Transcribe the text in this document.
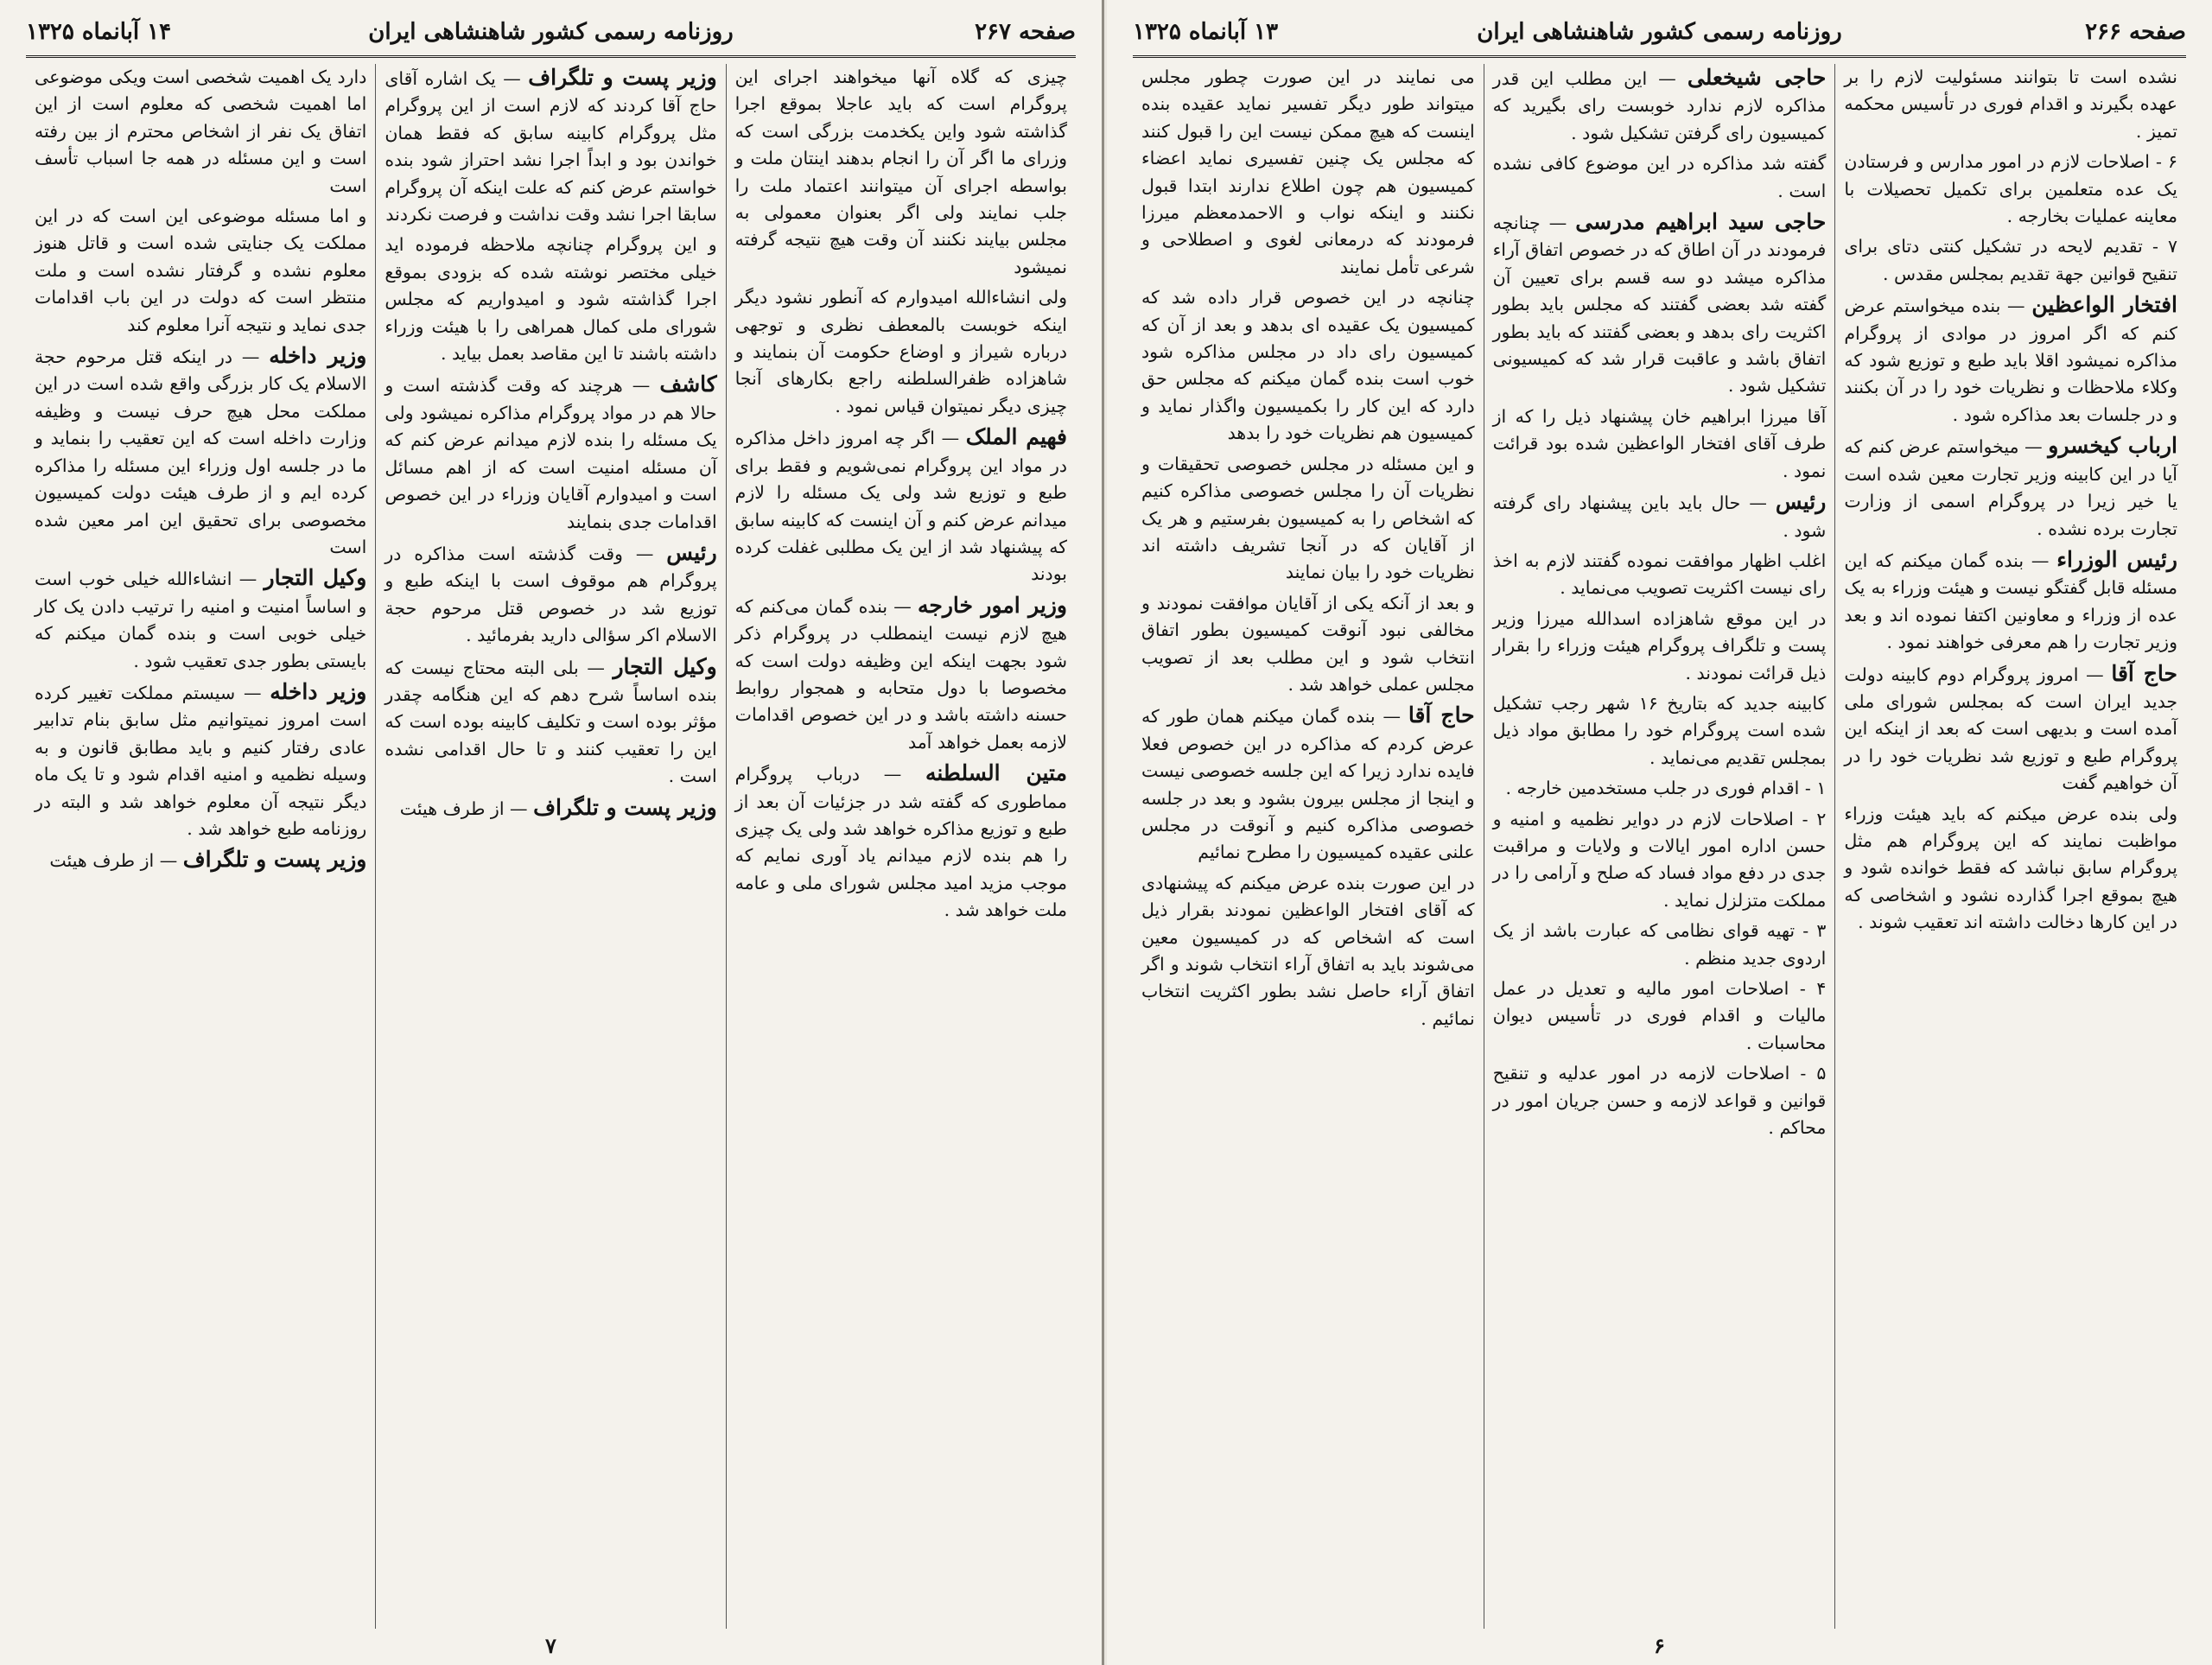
صفحه ۲۶۷
روزنامه رسمی کشور شاهنشاهی ایران
۱۴ آبانماه ۱۳۲۵

چیزی که گلاه آنها میخواهند اجرای این پروگرام است که باید عاجلا بموقع اجرا گذاشته شود واین یکخدمت بزرگی است که وزرای ما اگر آن را انجام بدهند اینتان ملت و بواسطه اجرای آن میتوانند اعتماد ملت را جلب نمایند ولی اگر بعنوان معمولی به مجلس بیایند نکنند آن وقت هیچ نتیجه گرفته نمیشود

ولی انشاءالله امیدوارم که آنطور نشود دیگر اینکه خوبست بالمعطف نظری و توجهی درباره شیراز و اوضاع حکومت آن بنمایند و شاهزاده ظفرالسلطنه راجع بکارهای آنجا چیزی دیگر نمیتوان قیاس نمود .

فهیم الملک — اگر چه امروز داخل مذاکره در مواد این پروگرام نمی‌شویم و فقط برای طبع و توزیع شد ولی یک مسئله را لازم میدانم عرض کنم و آن اینست که کابینه سابق که پیشنهاد شد از این یک مطلبی غفلت کرده بودند

وزیر امور خارجه — بنده گمان می‌کنم که هیچ لازم نیست اینمطلب در پروگرام ذکر شود بجهت اینکه این وظیفه دولت است که مخصوصا با دول متحابه و همجوار روابط حسنه داشته باشد و در این خصوص اقدامات لازمه بعمل خواهد آمد

متین السلطنه — درباب پروگرام مماطوری که گفته شد در جزئیات آن بعد از طبع و توزیع مذاکره خواهد شد ولی یک چیزی را هم بنده لازم میدانم یاد آوری نمایم که موجب مزید امید مجلس شورای ملی و عامه ملت خواهد شد .

وزیر پست و تلگراف — یک اشاره آقای حاج آقا کردند که لازم است از این پروگرام مثل پروگرام کابینه سابق که فقط همان خواندن بود و ابداً اجرا نشد احتراز شود بنده خواستم عرض کنم که علت اینکه آن پروگرام سابقا اجرا نشد وقت نداشت و فرصت نکردند

و این پروگرام چنانچه ملاحظه فرموده اید خیلی مختصر نوشته شده که بزودی بموقع اجرا گذاشته شود و امیدواریم که مجلس شورای ملی کمال همراهی را با هیئت وزراء داشته باشند تا این مقاصد بعمل بیاید .

کاشف — هرچند که وقت گذشته است و حالا هم در مواد پروگرام مذاکره نمیشود ولی یک مسئله را بنده لازم میدانم عرض کنم که آن مسئله امنیت است که از اهم مسائل است و امیدوارم آقایان وزراء در این خصوص اقدامات جدی بنمایند

رئیس — وقت گذشته است مذاکره در پروگرام هم موقوف است با اینکه طبع و توزیع شد در خصوص قتل مرحوم حجة الاسلام اکر سؤالی دارید بفرمائید .

وکیل التجار — بلی البته محتاج نیست که بنده اساساً شرح دهم که این هنگامه چقدر مؤثر بوده است و تکلیف کابینه بوده است که این را تعقیب کنند و تا حال اقدامی نشده است .

وزیر پست و تلگراف — از طرف هیئت

دارد یک اهمیت شخصی است ویکی موضوعی اما اهمیت شخصی که معلوم است از این اتفاق یک نفر از اشخاص محترم از بین رفته است و این مسئله در همه جا اسباب تأسف است

و اما مسئله موضوعی این است که در این مملکت یک جنایتی شده است و قاتل هنوز معلوم نشده و گرفتار نشده است و ملت منتظر است که دولت در این باب اقدامات جدی نماید و نتیجه آنرا معلوم کند

وزیر داخله — در اینکه قتل مرحوم حجة الاسلام یک کار بزرگی واقع شده است در این مملکت محل هیچ حرف نیست و وظیفه وزارت داخله است که این تعقیب را بنماید و ما در جلسه اول وزراء این مسئله را مذاکره کرده ایم و از طرف هیئت دولت کمیسیون مخصوصی برای تحقیق این امر معین شده است

وکیل التجار — انشاءالله خیلی خوب است و اساساً امنیت و امنیه را ترتیب دادن یک کار خیلی خوبی است و بنده گمان میکنم که بایستی بطور جدی تعقیب شود .

وزیر داخله — سیستم مملکت تغییر کرده است امروز نمیتوانیم مثل سابق بنام تدابیر عادی رفتار کنیم و باید مطابق قانون و به وسیله نظمیه و امنیه اقدام شود و تا یک ماه دیگر نتیجه آن معلوم خواهد شد و البته در روزنامه طبع خواهد شد .

وزیر پست و تلگراف — از طرف هیئت

۷
صفحه ۲۶۶
روزنامه رسمی کشور شاهنشاهی ایران
۱۳ آبانماه ۱۳۲۵

نشده است تا بتوانند مسئولیت لازم را بر عهده بگیرند و اقدام فوری در تأسیس محکمه تمیز .

۶ - اصلاحات لازم در امور مدارس و فرستادن یک عده متعلمین برای تکمیل تحصیلات با معاینه عملیات بخارجه .

۷ - تقدیم لایحه در تشکیل کنتی دتای برای تنقیح قوانین جهة تقدیم بمجلس مقدس .

افتخار الواعظین — بنده میخواستم عرض کنم که اگر امروز در موادی از پروگرام مذاکره نمیشود اقلا باید طبع و توزیع شود که وکلاء ملاحظات و نظریات خود را در آن بکنند و در جلسات بعد مذاکره شود .

ارباب کیخسرو — میخواستم عرض کنم که آیا در این کابینه وزیر تجارت معین شده است یا خیر زیرا در پروگرام اسمی از وزارت تجارت برده نشده .

رئیس الوزراء — بنده گمان میکنم که این مسئله قابل گفتگو نیست و هیئت وزراء به یک عده از وزراء و معاونین اکتفا نموده اند و بعد وزیر تجارت را هم معرفی خواهند نمود .

حاج آقا — امروز پروگرام دوم کابینه دولت جدید ایران است که بمجلس شورای ملی آمده است و بدیهی است که بعد از اینکه این پروگرام طبع و توزیع شد نظریات خود را در آن خواهیم گفت

ولی بنده عرض میکنم که باید هیئت وزراء مواظبت نمایند که این پروگرام هم مثل پروگرام سابق نباشد که فقط خوانده شود و هیچ بموقع اجرا گذارده نشود و اشخاصی که در این کارها دخالت داشته اند تعقیب شوند .

حاجی شیخعلی — این مطلب این قدر مذاکره لازم ندارد خوبست رای بگیرید که کمیسیون رای گرفتن تشکیل شود .

گفته شد مذاکره در این موضوع کافی نشده است .

حاجی سید ابراهیم مدرسی — چنانچه فرمودند در آن اطاق که در خصوص اتفاق آراء مذاکره میشد دو سه قسم برای تعیین آن گفته شد بعضی گفتند که مجلس باید بطور اکثریت رای بدهد و بعضی گفتند که باید بطور اتفاق باشد و عاقبت قرار شد که کمیسیونی تشکیل شود .

آقا میرزا ابراهیم خان پیشنهاد ذیل را که از طرف آقای افتخار الواعظین شده بود قرائت نمود .

رئیس — حال باید باین پیشنهاد رای گرفته شود .

اغلب اظهار موافقت نموده گفتند لازم به اخذ رای نیست اکثریت تصویب می‌نماید .

در این موقع شاهزاده اسدالله میرزا وزیر پست و تلگراف پروگرام هیئت وزراء را بقرار ذیل قرائت نمودند .

کابینه جدید که بتاریخ ۱۶ شهر رجب تشکیل شده است پروگرام خود را مطابق مواد ذیل بمجلس تقدیم می‌نماید .

۱ - اقدام فوری در جلب مستخدمین خارجه .

۲ - اصلاحات لازم در دوایر نظمیه و امنیه و حسن اداره امور ایالات و ولایات و مراقبت جدی در دفع مواد فساد که صلح و آرامی را در مملکت متزلزل نماید .

۳ - تهیه قوای نظامی که عبارت باشد از یک اردوی جدید منظم .

۴ - اصلاحات امور مالیه و تعدیل در عمل مالیات و اقدام فوری در تأسیس دیوان محاسبات .

۵ - اصلاحات لازمه در امور عدلیه و تنقیح قوانین و قواعد لازمه و حسن جریان امور در محاکم .

می نمایند در این صورت چطور مجلس میتواند طور دیگر تفسیر نماید عقیده بنده اینست که هیچ ممکن نیست این را قبول کنند که مجلس یک چنین تفسیری نماید اعضاء کمیسیون هم چون اطلاع ندارند ابتدا قبول نکنند و اینکه نواب و الاحمدمعظم میرزا فرمودند که درمعانی لغوی و اصطلاحی و شرعی تأمل نمایند

چنانچه در این خصوص قرار داده شد که کمیسیون یک عقیده ای بدهد و بعد از آن که کمیسیون رای داد در مجلس مذاکره شود خوب است بنده گمان میکنم که مجلس حق دارد که این کار را بکمیسیون واگذار نماید و کمیسیون هم نظریات خود را بدهد

و این مسئله در مجلس خصوصی تحقیقات و نظریات آن را مجلس خصوصی مذاکره کنیم که اشخاص را به کمیسیون بفرستیم و هر یک از آقایان که در آنجا تشریف داشته اند نظریات خود را بیان نمایند

و بعد از آنکه یکی از آقایان موافقت نمودند و مخالفی نبود آنوقت کمیسیون بطور اتفاق انتخاب شود و این مطلب بعد از تصویب مجلس عملی خواهد شد .

حاج آقا — بنده گمان میکنم همان طور که عرض کردم که مذاکره در این خصوص فعلا فایده ندارد زیرا که این جلسه خصوصی نیست و اینجا از مجلس بیرون بشود و بعد در جلسه خصوصی مذاکره کنیم و آنوقت در مجلس علنی عقیده کمیسیون را مطرح نمائیم

در این صورت بنده عرض میکنم که پیشنهادی که آقای افتخار الواعظین نمودند بقرار ذیل است که اشخاص که در کمیسیون معین می‌شوند باید به اتفاق آراء انتخاب شوند و اگر اتفاق آراء حاصل نشد بطور اکثریت انتخاب نمائیم .

۶
